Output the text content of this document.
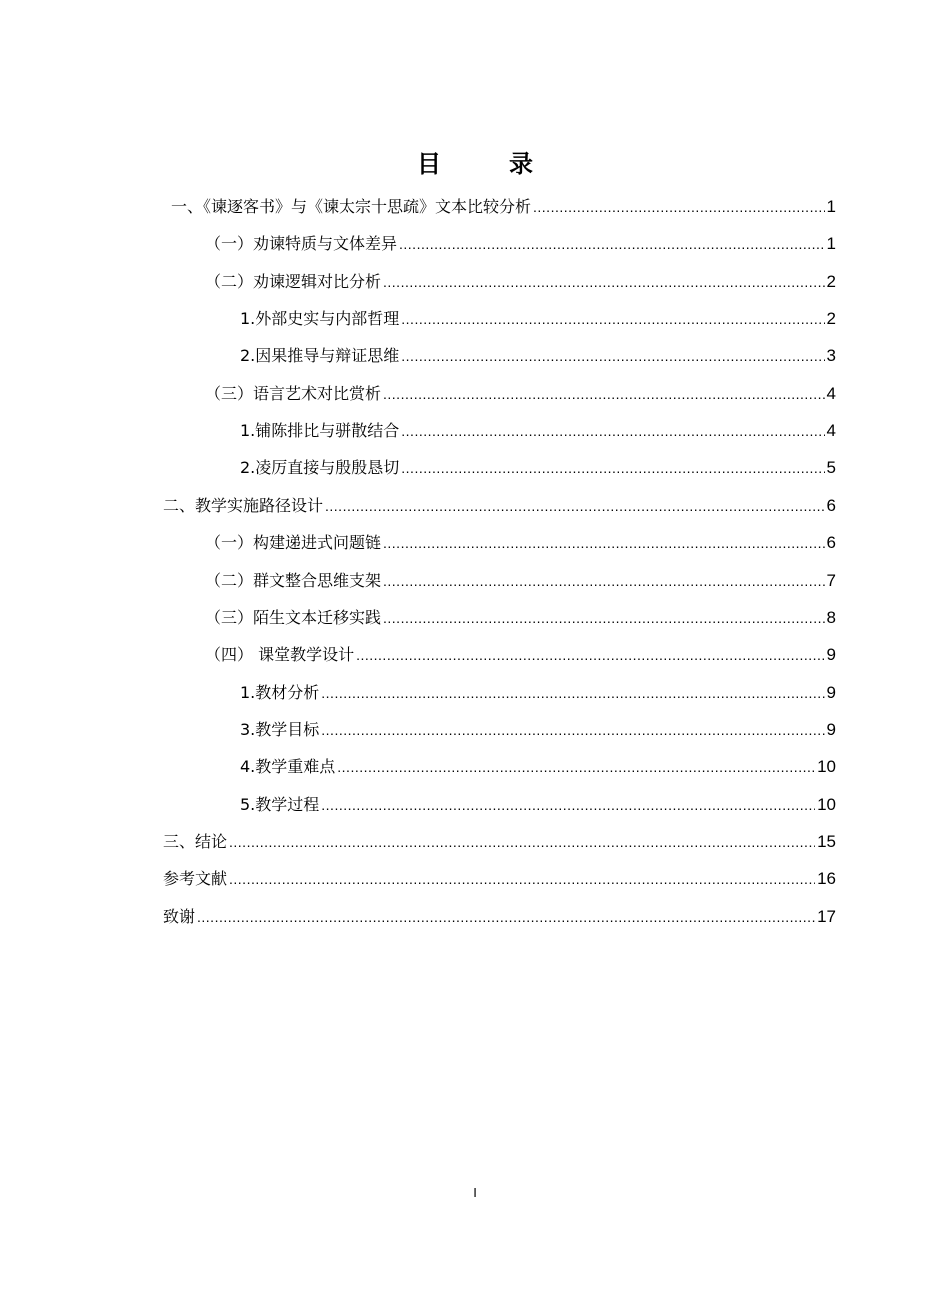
目　录
一、《谏逐客书》与《谏太宗十思疏》文本比较分析 .....	1
（一）劝谏特质与文体差异 .....	1
（二）劝谏逻辑对比分析 .....	2
1.外部史实与内部哲理 .....	2
2.因果推导与辩证思维 .....	3
（三）语言艺术对比赏析 .....	4
1.铺陈排比与骈散结合 .....	4
2.凌厉直接与殷殷恳切 .....	5
二、教学实施路径设计 .....	6
（一）构建递进式问题链 .....	6
（二）群文整合思维支架 .....	7
（三）陌生文本迁移实践 .....	8
（四） 课堂教学设计 .....	9
1.教材分析 .....	9
3.教学目标 .....	9
4.教学重难点 .....	10
5.教学过程 .....	10
三、结论 .....	15
参考文献 .....	16
致谢 .....	17
I
